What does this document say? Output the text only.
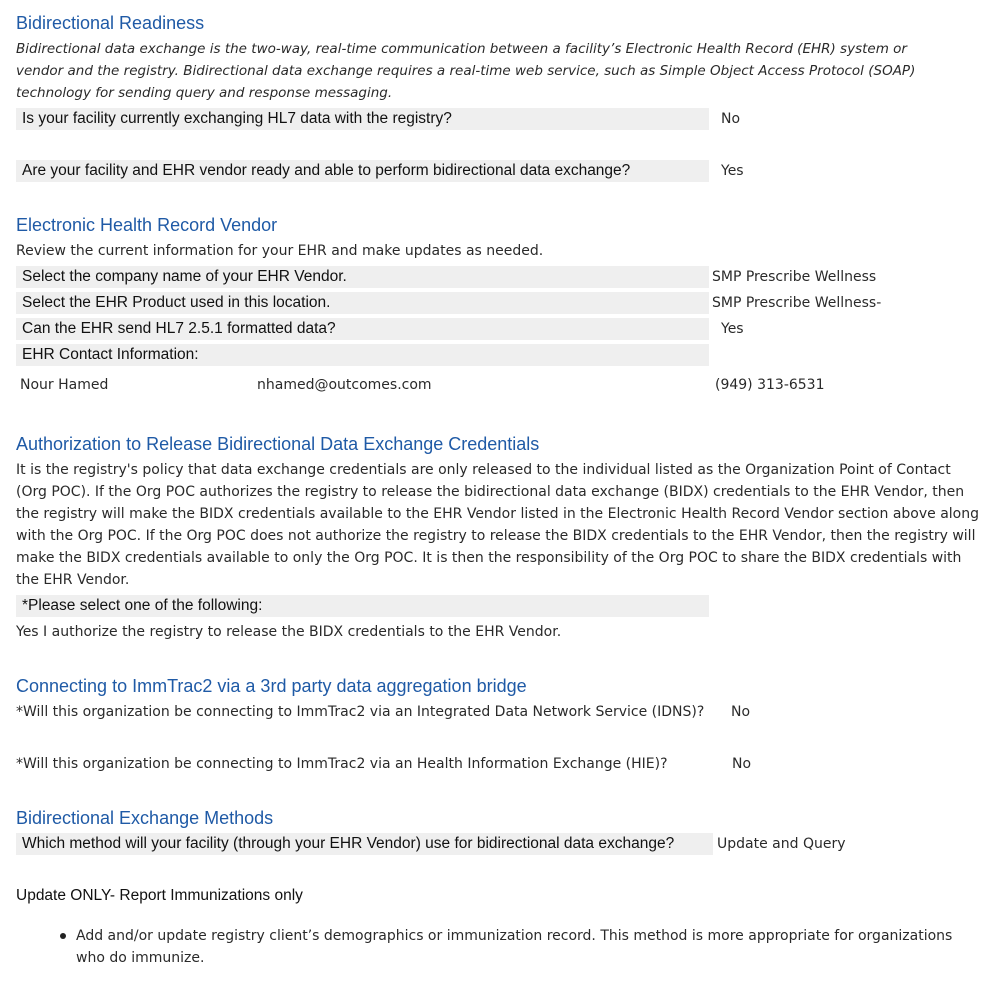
Bidirectional Readiness
Bidirectional data exchange is the two-way, real-time communication between a facility’s Electronic Health Record (EHR) system or
vendor and the registry. Bidirectional data exchange requires a real-time web service, such as Simple Object Access Protocol (SOAP)
technology for sending query and response messaging.
Is your facility currently exchanging HL7 data with the registry?	No
Are your facility and EHR vendor ready and able to perform bidirectional data exchange?	Yes
Electronic Health Record Vendor
Review the current information for your EHR and make updates as needed.
Select the company name of your EHR Vendor.	SMP Prescribe Wellness
Select the EHR Product used in this location.	SMP Prescribe Wellness-
Can the EHR send HL7 2.5.1 formatted data?	Yes
EHR Contact Information:
Nour Hamed	nhamed@outcomes.com	(949) 313-6531
Authorization to Release Bidirectional Data Exchange Credentials
It is the registry's policy that data exchange credentials are only released to the individual listed as the Organization Point of Contact
(Org POC). If the Org POC authorizes the registry to release the bidirectional data exchange (BIDX) credentials to the EHR Vendor, then
the registry will make the BIDX credentials available to the EHR Vendor listed in the Electronic Health Record Vendor section above along
with the Org POC. If the Org POC does not authorize the registry to release the BIDX credentials to the EHR Vendor, then the registry will
make the BIDX credentials available to only the Org POC. It is then the responsibility of the Org POC to share the BIDX credentials with
the EHR Vendor.
*Please select one of the following:
Yes I authorize the registry to release the BIDX credentials to the EHR Vendor.
Connecting to ImmTrac2 via a 3rd party data aggregation bridge
*Will this organization be connecting to ImmTrac2 via an Integrated Data Network Service (IDNS)? No
*Will this organization be connecting to ImmTrac2 via an Health Information Exchange (HIE)?	No
Bidirectional Exchange Methods
Which method will your facility (through your EHR Vendor) use for bidirectional data exchange?	Update and Query
Update ONLY- Report Immunizations only
Add and/or update registry client’s demographics or immunization record. This method is more appropriate for organizations
who do immunize.
